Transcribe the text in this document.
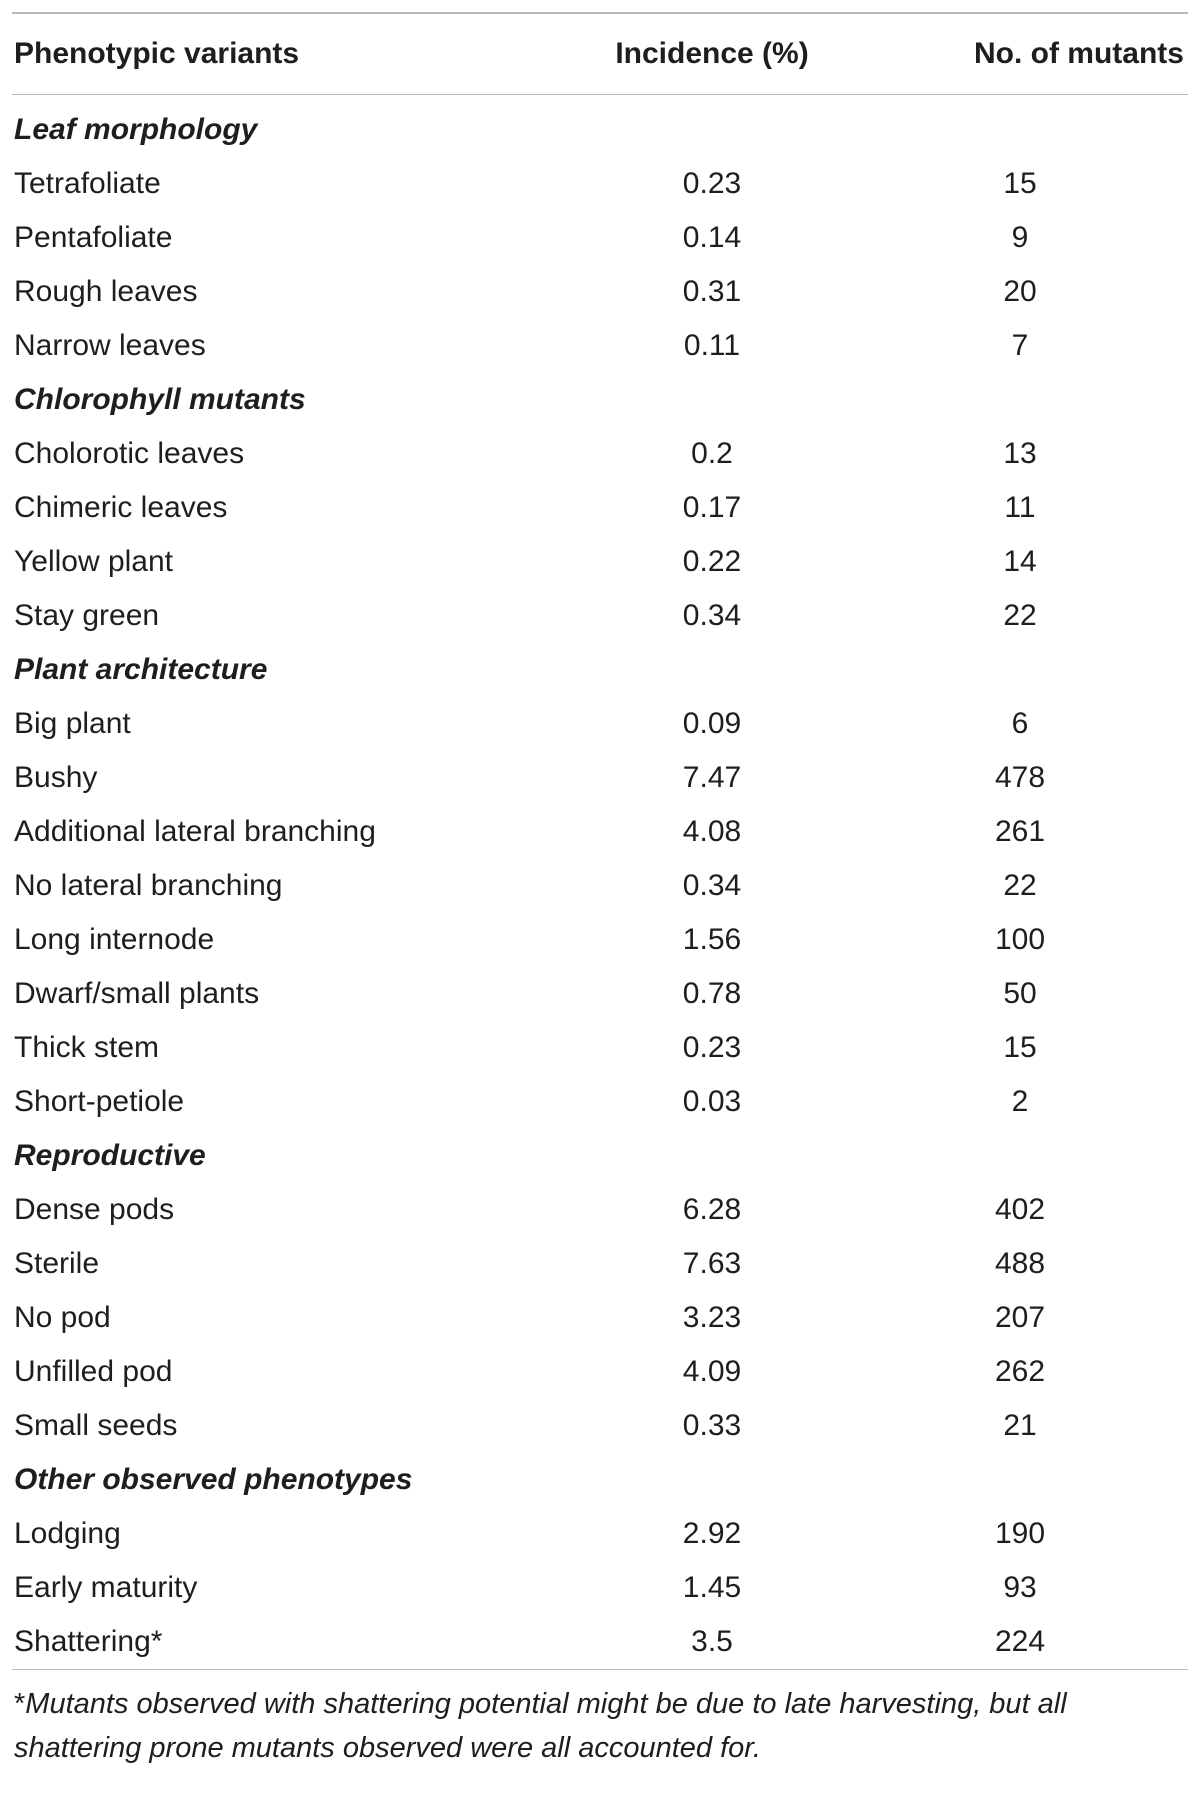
Phenotypic variants	Incidence (%)	No. of mutants
Leaf morphology
Tetrafoliate	0.23	15
Pentafoliate	0.14	9
Rough leaves	0.31	20
Narrow leaves	0.11	7
Chlorophyll mutants
Cholorotic leaves	0.2	13
Chimeric leaves	0.17	11
Yellow plant	0.22	14
Stay green	0.34	22
Plant architecture
Big plant	0.09	6
Bushy	7.47	478
Additional lateral branching	4.08	261
No lateral branching	0.34	22
Long internode	1.56	100
Dwarf/small plants	0.78	50
Thick stem	0.23	15
Short-petiole	0.03	2
Reproductive
Dense pods	6.28	402
Sterile	7.63	488
No pod	3.23	207
Unfilled pod	4.09	262
Small seeds	0.33	21
Other observed phenotypes
Lodging	2.92	190
Early maturity	1.45	93
Shattering*	3.5	224
*Mutants observed with shattering potential might be due to late harvesting, but all shattering prone mutants observed were all accounted for.
